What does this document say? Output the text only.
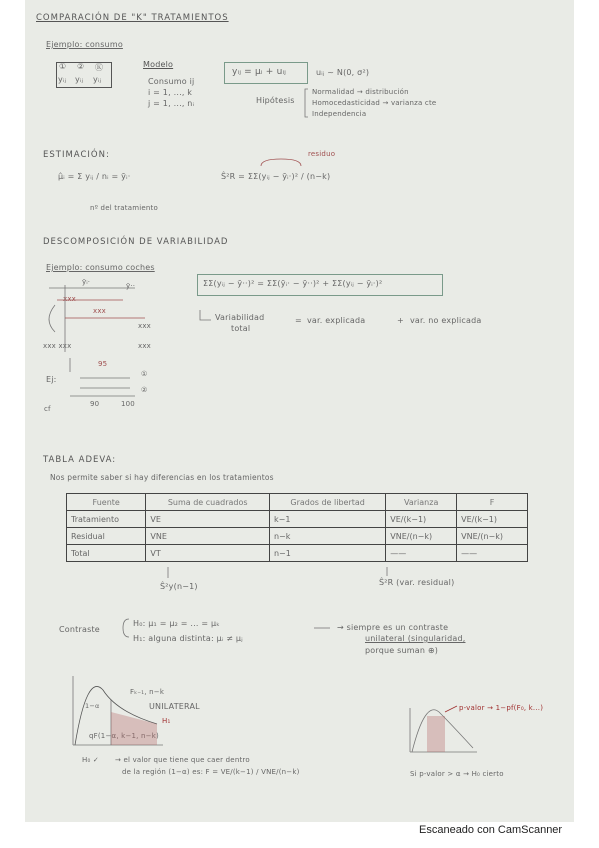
COMPARACIÓN DE "K" TRATAMIENTOS
Ejemplo: consumo
① ② Ⓚ
yᵢⱼ yᵢⱼ yᵢⱼ
Modelo
Consumo ij
i = 1, ..., k
j = 1, ..., nᵢ
yᵢⱼ = μᵢ + uᵢⱼ	uᵢⱼ ~ N(0, σ²)
Hipótesis
Normalidad → distribución
Homocedasticidad → varianza cte
Independencia
ESTIMACIÓN:
μ̂ᵢ = Σ yᵢⱼ / nᵢ = ȳᵢ·
nº del tratamiento
residuo
Ŝ²R = ΣΣ(yᵢⱼ − ȳᵢ·)² / (n−k)
DESCOMPOSICIÓN DE VARIABILIDAD
Ejemplo: consumo coches
ȳᵢ·	ȳ··
xxx
xxx
xxx
xxx xxx	xxx
ΣΣ(yᵢⱼ − ȳ··)² = ΣΣ(ȳᵢ· − ȳ··)² + ΣΣ(yᵢⱼ − ȳᵢ·)²
Variabilidad
total
= var. explicada	+ var. no explicada
Ej:
95
cf
90	100
①
②
TABLA ADEVA:
Nos permite saber si hay diferencias en los tratamientos
Fuente	Suma de cuadrados	Grados de libertad	Varianza	F
Tratamiento	VE	k−1	VE/(k−1)	VE/(k−1)
Residual	VNE	n−k	VNE/(n−k)	VNE/(n−k)
Total	VT	n−1	——	——
Ŝ²y(n−1)	Ŝ²R (var. residual)
Contraste
H₀: μ₁ = μ₂ = ... = μₖ
H₁: alguna distinta: μᵢ ≠ μⱼ
→ siempre es un contraste
unilateral (singularidad,
porque suman ⊕)
Fₖ₋₁, n−k
UNILATERAL
1−α
H₁
qF(1−α, k−1, n−k)
H₀ ✓ → el valor que tiene que caer dentro
de la región (1−α) es: F = VE/(k−1) / VNE/(n−k)
p-valor → 1−pf(F₀, k...)
Si p-valor > α → H₀ cierto
Escaneado con CamScanner
